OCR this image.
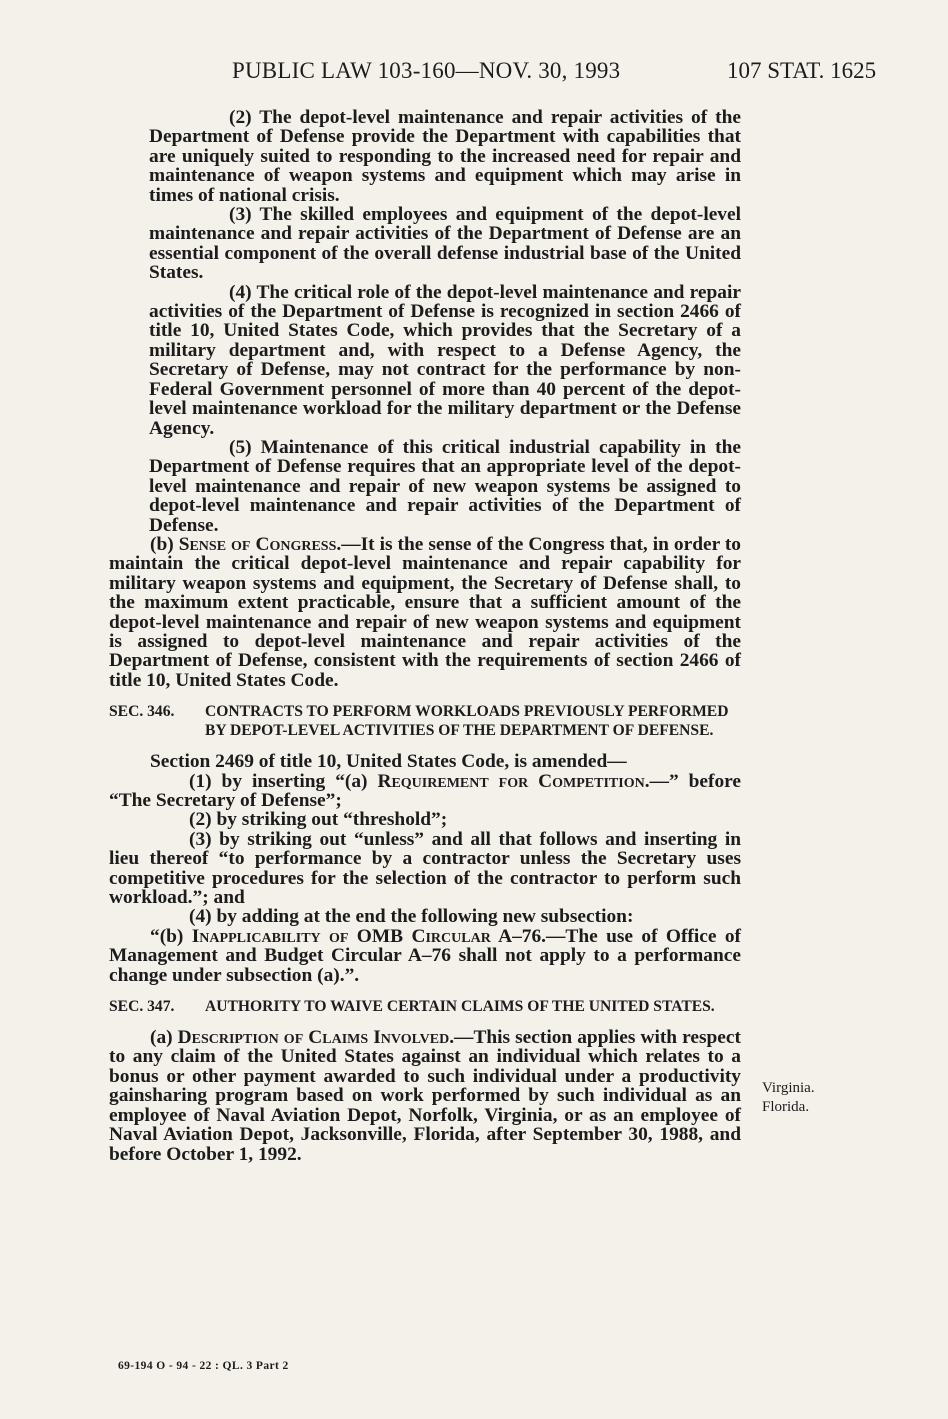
PUBLIC LAW 103-160—NOV. 30, 1993	107 STAT. 1625

(2) The depot-level maintenance and repair activities of the Department of Defense provide the Department with capabilities that are uniquely suited to responding to the increased need for repair and maintenance of weapon systems and equipment which may arise in times of national crisis.

(3) The skilled employees and equipment of the depot-level maintenance and repair activities of the Department of Defense are an essential component of the overall defense industrial base of the United States.

(4) The critical role of the depot-level maintenance and repair activities of the Department of Defense is recognized in section 2466 of title 10, United States Code, which provides that the Secretary of a military department and, with respect to a Defense Agency, the Secretary of Defense, may not contract for the performance by non-Federal Government personnel of more than 40 percent of the depot-level maintenance workload for the military department or the Defense Agency.

(5) Maintenance of this critical industrial capability in the Department of Defense requires that an appropriate level of the depot-level maintenance and repair of new weapon systems be assigned to depot-level maintenance and repair activities of the Department of Defense.

(b) Sense of Congress.—It is the sense of the Congress that, in order to maintain the critical depot-level maintenance and repair capability for military weapon systems and equipment, the Secretary of Defense shall, to the maximum extent practicable, ensure that a sufficient amount of the depot-level maintenance and repair of new weapon systems and equipment is assigned to depot-level maintenance and repair activities of the Department of Defense, consistent with the requirements of section 2466 of title 10, United States Code.

SEC. 346. CONTRACTS TO PERFORM WORKLOADS PREVIOUSLY PERFORMED BY DEPOT-LEVEL ACTIVITIES OF THE DEPARTMENT OF DEFENSE.

Section 2469 of title 10, United States Code, is amended—

(1) by inserting “(a) Requirement for Competition.—” before “The Secretary of Defense”;

(2) by striking out “threshold”;

(3) by striking out “unless” and all that follows and inserting in lieu thereof “to performance by a contractor unless the Secretary uses competitive procedures for the selection of the contractor to perform such workload.”; and

(4) by adding at the end the following new subsection:

“(b) Inapplicability of OMB Circular A–76.—The use of Office of Management and Budget Circular A–76 shall not apply to a performance change under subsection (a).”.

SEC. 347. AUTHORITY TO WAIVE CERTAIN CLAIMS OF THE UNITED STATES.

(a) Description of Claims Involved.—This section applies with respect to any claim of the United States against an individual which relates to a bonus or other payment awarded to such individual under a productivity gainsharing program based on work performed by such individual as an employee of Naval Aviation Depot, Norfolk, Virginia, or as an employee of Naval Aviation Depot, Jacksonville, Florida, after September 30, 1988, and before October 1, 1992.

Virginia.
Florida.
69-194 O - 94 - 22 : QL. 3 Part 2
